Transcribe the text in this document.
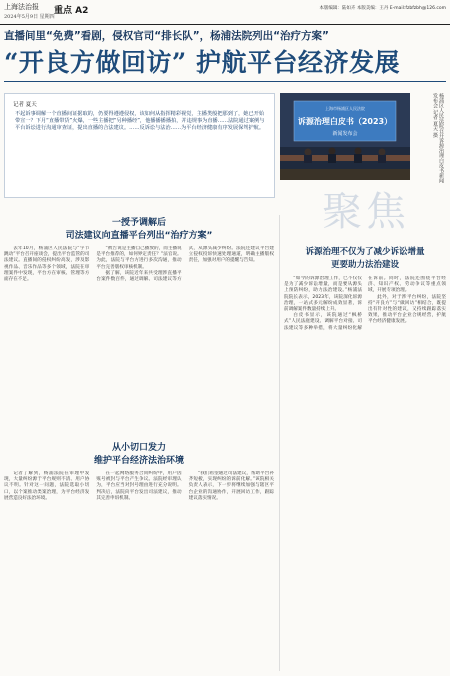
上海法治报
2024年5月9日 星期四
重点 A2	本版编辑：陆如卉 本版美编：王丹 E-mail:fzbfzbh@126.com
直播间里“免费”看剧，侵权官司“排长队”，杨浦法院列出“治疗方案”
“开良方做回访” 护航平台经济发展
记者 夏天
不起诉事调解一个直播间证据取的，仍要得遵遵侵权，该如何从指挥精彩视觉，主播类般把那到了，她已开始带宣一？下月“直播带货”火爆，一些主播把“另种播经”，他播播播播拍，并违规事为直播……法院通过案例与平台诉讼进行沟通审查证，提出直播的合法建议。……反诉讼与法治……为平台经济健康有序发展保驾护航。
上海市杨浦区人民法院
诉源治理白皮书（2023）
新闻发布会	杨浦区人民法院召开诉源治理白皮书新闻发布会 记者 夏天 摄
聚焦
一授予调解后
司法建议向直播平台列出“治疗方案”

去年10月，杨浦区人民法院与“字节跳动”平台召开座谈会，提出平台监管的司法建议。直播间的侵权纠纷高发，涉及影视作品、音乐作品等多个领域，法院在审理案件中发现，平台方在审核、管理等方面存在不足。

“被告说是主播自己播放的，而主播说是平台推荐的，如何界定责任？”法官说。为此，法院与平台方进行多次沟通，推动平台完善版权审核机制。

据了解，该院近年来共受理涉直播平台案件数百件，通过调解、司法建议等方式，从源头减少纠纷。法院还建议平台建立侵权投诉快速处理通道，明确主播版权责任，加强对用户的提醒与告知。

从小切口发力
维护平台经济法治环境

记者了解到，杨浦法院在审理中发现，大量纠纷源于平台规则不清、用户协议不明。针对这一问题，法院选取小切口，以个案推动类案治理，为平台经济发展营造良好法治环境。

在一起网络服务合同纠纷中，用户因账号被封与平台产生争议。法院经审理认为，平台应当对封号理由进行充分说明。判决后，法院向平台发出司法建议，推动其完善申诉机制。

“我们希望通过司法建议，帮助平台补齐短板，实现纠纷的诉前化解。”该院相关负责人表示，下一步将继续加强与辖区平台企业的沟通协作，开展回访工作，跟踪建议落实情况。

诉源治理不仅为了减少诉讼增量
更要助力法治建设

“如今的诉源治理工作，已不仅仅是为了减少诉讼增量，而是要从源头上预防纠纷，助力法治建设。”杨浦法院院长表示，2023年，该院深化诉源治理，一站式多元解纷成效显著，诉前调解案件数量持续上升。

白皮书显示，该院通过“枫桥式”人民法庭建设、调解平台对接、司法建议等多种举措，将大量纠纷化解在诉前。同时，法院还围绕平台经济、知识产权、劳动争议等重点领域，开展专项治理。

此外，对于涉平台纠纷，法院坚持“开良方”与“做回访”相结合，既提出有针对性的建议，又持续跟踪落实效果，推动平台企业合规经营，护航平台经济健康发展。
